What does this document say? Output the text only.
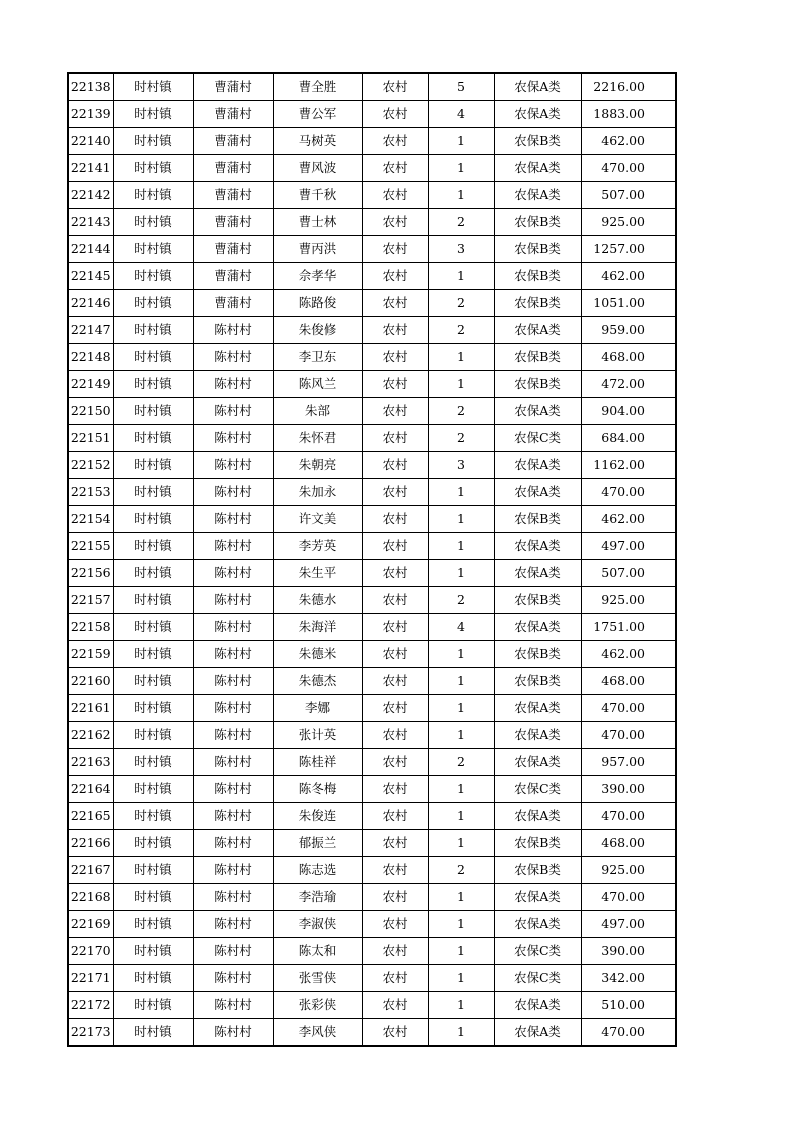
22138	时村镇	曹蒲村	曹全胜	农村	5	农保A类	2216.00
22139	时村镇	曹蒲村	曹公军	农村	4	农保A类	1883.00
22140	时村镇	曹蒲村	马树英	农村	1	农保B类	462.00
22141	时村镇	曹蒲村	曹风波	农村	1	农保A类	470.00
22142	时村镇	曹蒲村	曹千秋	农村	1	农保A类	507.00
22143	时村镇	曹蒲村	曹士林	农村	2	农保B类	925.00
22144	时村镇	曹蒲村	曹丙洪	农村	3	农保B类	1257.00
22145	时村镇	曹蒲村	佘孝华	农村	1	农保B类	462.00
22146	时村镇	曹蒲村	陈路俊	农村	2	农保B类	1051.00
22147	时村镇	陈村村	朱俊修	农村	2	农保A类	959.00
22148	时村镇	陈村村	李卫东	农村	1	农保B类	468.00
22149	时村镇	陈村村	陈风兰	农村	1	农保B类	472.00
22150	时村镇	陈村村	朱部	农村	2	农保A类	904.00
22151	时村镇	陈村村	朱怀君	农村	2	农保C类	684.00
22152	时村镇	陈村村	朱朝亮	农村	3	农保A类	1162.00
22153	时村镇	陈村村	朱加永	农村	1	农保A类	470.00
22154	时村镇	陈村村	许文美	农村	1	农保B类	462.00
22155	时村镇	陈村村	李芳英	农村	1	农保A类	497.00
22156	时村镇	陈村村	朱生平	农村	1	农保A类	507.00
22157	时村镇	陈村村	朱德水	农村	2	农保B类	925.00
22158	时村镇	陈村村	朱海洋	农村	4	农保A类	1751.00
22159	时村镇	陈村村	朱德米	农村	1	农保B类	462.00
22160	时村镇	陈村村	朱德杰	农村	1	农保B类	468.00
22161	时村镇	陈村村	李娜	农村	1	农保A类	470.00
22162	时村镇	陈村村	张计英	农村	1	农保A类	470.00
22163	时村镇	陈村村	陈桂祥	农村	2	农保A类	957.00
22164	时村镇	陈村村	陈冬梅	农村	1	农保C类	390.00
22165	时村镇	陈村村	朱俊连	农村	1	农保A类	470.00
22166	时村镇	陈村村	郁振兰	农村	1	农保B类	468.00
22167	时村镇	陈村村	陈志选	农村	2	农保B类	925.00
22168	时村镇	陈村村	李浩瑜	农村	1	农保A类	470.00
22169	时村镇	陈村村	李淑侠	农村	1	农保A类	497.00
22170	时村镇	陈村村	陈太和	农村	1	农保C类	390.00
22171	时村镇	陈村村	张雪侠	农村	1	农保C类	342.00
22172	时村镇	陈村村	张彩侠	农村	1	农保A类	510.00
22173	时村镇	陈村村	李风侠	农村	1	农保A类	470.00
